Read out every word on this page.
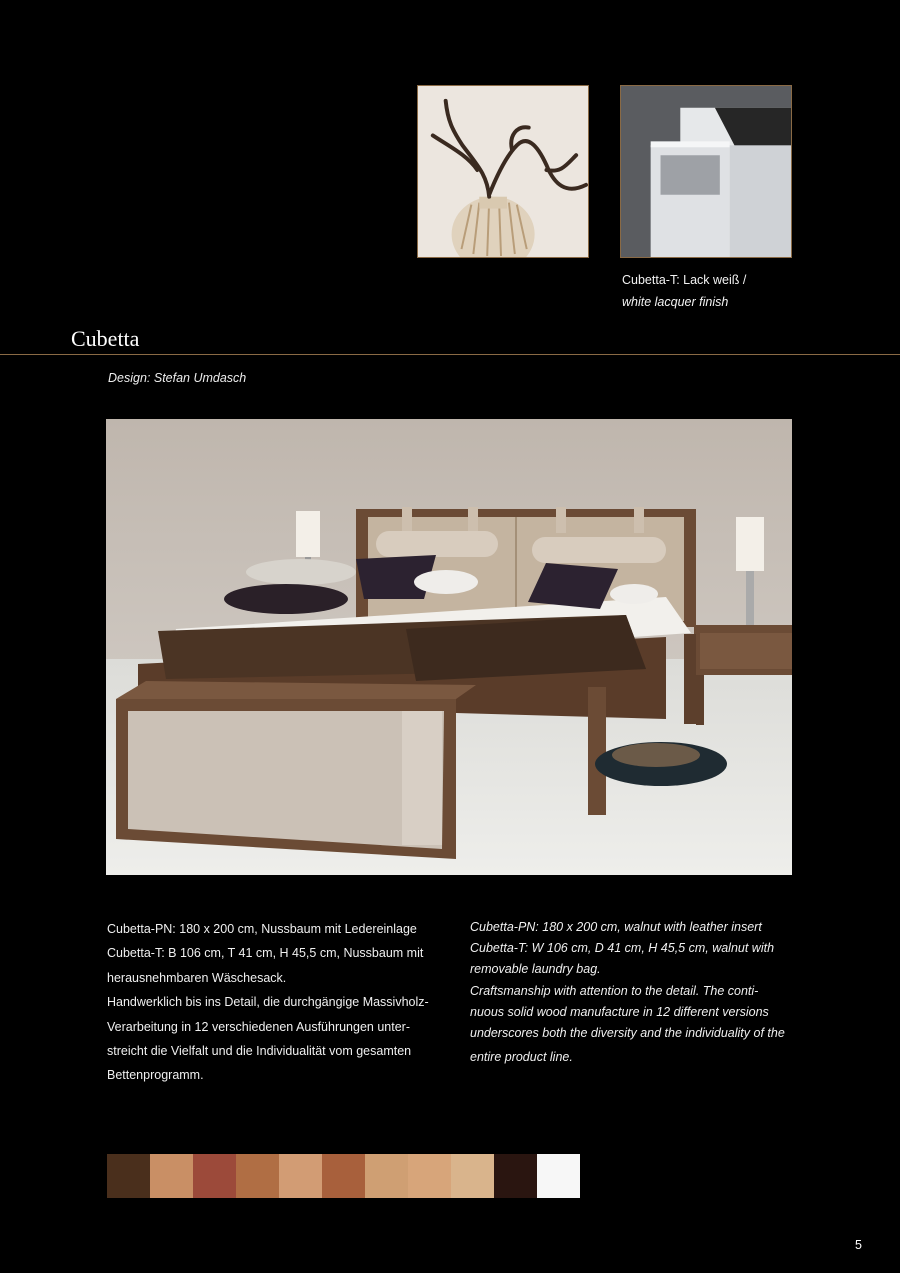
Cubetta-T: Lack weiß /
white lacquer finish
Cubetta
Design: Stefan Umdasch
Cubetta-PN: 180 x 200 cm, Nussbaum mit Ledereinlage
Cubetta-T: B 106 cm, T 41 cm, H 45,5 cm, Nussbaum mit
herausnehmbaren Wäschesack.
Handwerklich bis ins Detail, die durchgängige Massivholz-
Verarbeitung in 12 verschiedenen Ausführungen unter-
streicht die Vielfalt und die Individualität vom gesamten
Bettenprogramm.
Cubetta-PN: 180 x 200 cm, walnut with leather insert
Cubetta-T: W 106 cm, D 41 cm, H 45,5 cm, walnut with
removable laundry bag.
Craftsmanship with attention to the detail. The conti-
nuous solid wood manufacture in 12 different versions
underscores both the diversity and the individuality of the
entire product line.
5
